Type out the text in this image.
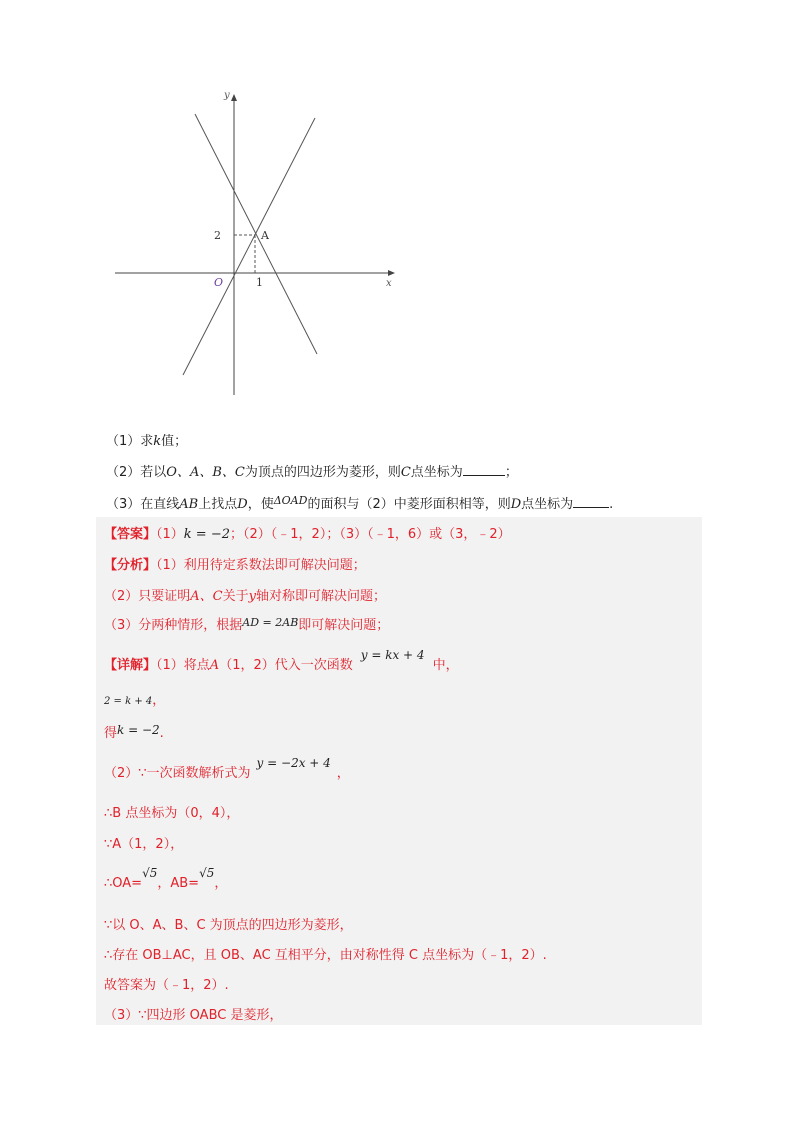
y
x
O
2
1
A
（1）求k值；
（2）若以O、A、B、C为顶点的四边形为菱形，则C点坐标为	；
（3）在直线AB上找点D，使$^{\Delta OAD}$的面积与（2）中菱形面积相等，则D点坐标为	.
【答案】（1）k = −2；（2）（﹣1，2）；（3）（﹣1，6）或（3，﹣2）
【分析】（1）利用待定系数法即可解决问题；
（2）只要证明A、C关于y轴对称即可解决问题；
（3）分两种情形，根据$^{AD = 2AB}$即可解决问题；
【详解】（1）将点A（1，2）代入一次函数y = kx + 4中，
2 = k + 4，
得k = −2.
（2）∵一次函数解析式为y = −2x + 4，
∴B 点坐标为（0，4），
∵A（1，2），
∴OA=√5，AB=√5，
∵以 O、A、B、C 为顶点的四边形为菱形，
∴存在 OB⊥AC，且 OB、AC 互相平分，由对称性得 C 点坐标为（﹣1，2）.
故答案为（﹣1，2）.
（3）∵四边形 OABC 是菱形，
